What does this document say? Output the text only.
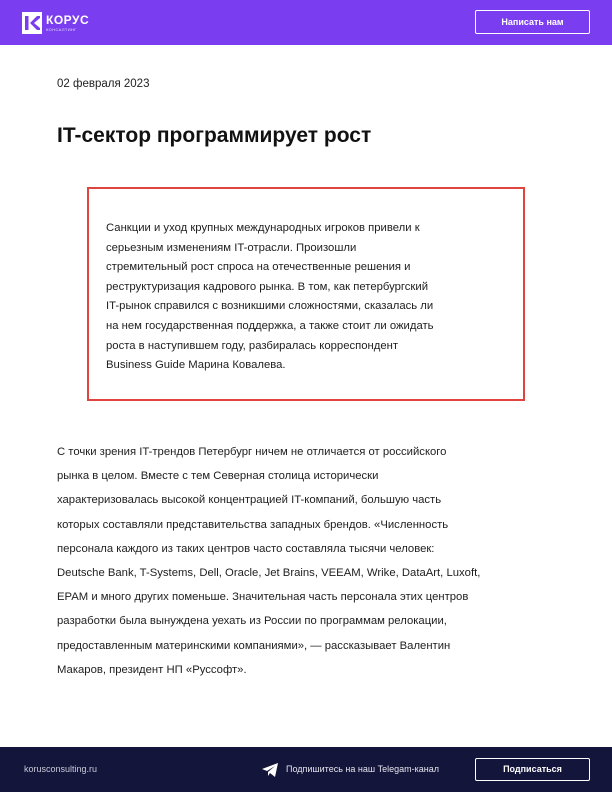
КОРУС
КОНСАЛТИНГ
Написать нам
02 февраля 2023
IT-сектор программирует рост
Санкции и уход крупных международных игроков привели к
серьезным изменениям IT-отрасли. Произошли
стремительный рост спроса на отечественные решения и
реструктуризация кадрового рынка. В том, как петербургский
IT-рынок справился с возникшими сложностями, сказалась ли
на нем государственная поддержка, а также стоит ли ожидать
роста в наступившем году, разбиралась корреспондент
Business Guide Марина Ковалева.
С точки зрения IT-трендов Петербург ничем не отличается от российского
рынка в целом. Вместе с тем Северная столица исторически
характеризовалась высокой концентрацией IT-компаний, большую часть
которых составляли представительства западных брендов. «Численность
персонала каждого из таких центров часто составляла тысячи человек:
Deutsche Bank, T-Systems, Dell, Oracle, Jet Brains, VEEAM, Wrike, DataArt, Luxoft,
EPAM и много других поменьше. Значительная часть персонала этих центров
разработки была вынуждена уехать из России по программам релокации,
предоставленным материнскими компаниями», — рассказывает Валентин
Макаров, президент НП «Руссофт».
korusconsulting.ru	Подпишитесь на наш Telegam-канал	Подписаться
